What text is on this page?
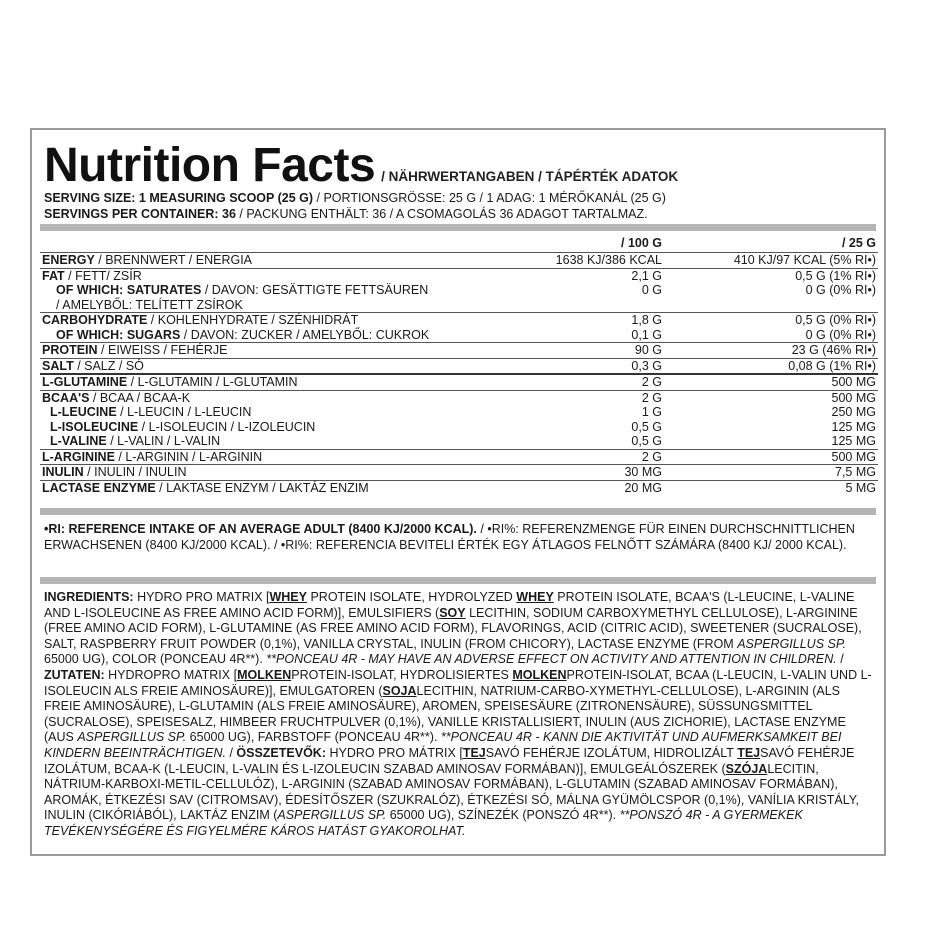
Nutrition Facts / NÄHRWERTANGABEN / TÁPÉRTÉK ADATOK
SERVING SIZE: 1 MEASURING SCOOP (25 G) / PORTIONSGRÖSSE: 25 G / 1 ADAG: 1 MÉRŐKANÁL (25 G)
SERVINGS PER CONTAINER: 36 / PACKUNG ENTHÄLT: 36 / A CSOMAGOLÁS 36 ADAGOT TARTALMAZ.
	/ 100 G	/ 25 G
ENERGY / BRENNWERT / ENERGIA	1638 KJ/386 KCAL	410 KJ/97 KCAL (5% RI•)
FAT / FETT/ ZSÍR	2,1 G	0,5 G (1% RI•)
OF WHICH: SATURATES / DAVON: GESÄTTIGTE FETTSÄUREN	0 G	0 G (0% RI•)
/ AMELYBŐL: TELÍTETT ZSÍROK		
CARBOHYDRATE / KOHLENHYDRATE / SZÉNHIDRÁT	1,8 G	0,5 G (0% RI•)
OF WHICH: SUGARS / DAVON: ZUCKER / AMELYBŐL: CUKROK	0,1 G	0 G (0% RI•)
PROTEIN / EIWEISS / FEHÉRJE	90 G	23 G (46% RI•)
SALT / SALZ / SÓ	0,3 G	0,08 G (1% RI•)
L-GLUTAMINE / L-GLUTAMIN / L-GLUTAMIN	2 G	500 MG
BCAA'S / BCAA / BCAA-K	2 G	500 MG
L-LEUCINE / L-LEUCIN / L-LEUCIN	1 G	250 MG
L-ISOLEUCINE / L-ISOLEUCIN / L-IZOLEUCIN	0,5 G	125 MG
L-VALINE / L-VALIN / L-VALIN	0,5 G	125 MG
L-ARGININE / L-ARGININ / L-ARGININ	2 G	500 MG
INULIN / INULIN / INULIN	30 MG	7,5 MG
LACTASE ENZYME / LAKTASE ENZYM / LAKTÁZ ENZIM	20 MG	5 MG
•RI: REFERENCE INTAKE OF AN AVERAGE ADULT (8400 KJ/2000 KCAL). / •RI%: REFERENZMENGE FÜR EINEN DURCHSCHNITTLICHEN ERWACHSENEN (8400 KJ/2000 KCAL). / •RI%: REFERENCIA BEVITELI ÉRTÉK EGY ÁTLAGOS FELNŐTT SZÁMÁRA (8400 KJ/ 2000 KCAL).
INGREDIENTS: HYDRO PRO MATRIX [WHEY PROTEIN ISOLATE, HYDROLYZED WHEY PROTEIN ISOLATE, BCAA'S (L-LEUCINE, L-VALINE AND L-ISOLEUCINE AS FREE AMINO ACID FORM)], EMULSIFIERS (SOY LECITHIN, SODIUM CARBOXYMETHYL CELLULOSE), L-ARGININE (FREE AMINO ACID FORM), L-GLUTAMINE (AS FREE AMINO ACID FORM), FLAVORINGS, ACID (CITRIC ACID), SWEETENER (SUCRALOSE), SALT, RASPBERRY FRUIT POWDER (0,1%), VANILLA CRYSTAL, INULIN (FROM CHICORY), LACTASE ENZYME (FROM ASPERGILLUS SP. 65000 UG), COLOR (PONCEAU 4R**). **PONCEAU 4R - MAY HAVE AN ADVERSE EFFECT ON ACTIVITY AND ATTENTION IN CHILDREN. / ZUTATEN: HYDROPRO MATRIX [MOLKENPROTEIN-ISOLAT, HYDROLISIERTES MOLKENPROTEIN-ISOLAT, BCAA (L-LEUCIN, L-VALIN UND L-ISOLEUCIN ALS FREIE AMINOSÄURE)], EMULGATOREN (SOJALECITHIN, NATRIUM-CARBO-XYMETHYL-CELLULOSE), L-ARGININ (ALS FREIE AMINOSÄURE), L-GLUTAMIN (ALS FREIE AMINOSÄURE), AROMEN, SPEISESÄURE (ZITRONENSÄURE), SÜSSUNGSMITTEL (SUCRALOSE), SPEISESALZ, HIMBEER FRUCHTPULVER (0,1%), VANILLE KRISTALLISIERT, INULIN (AUS ZICHORIE), LACTASE ENZYME (AUS ASPERGILLUS SP. 65000 UG), FARBSTOFF (PONCEAU 4R**). **PONCEAU 4R - KANN DIE AKTIVITÄT UND AUFMERKSAMKEIT BEI KINDERN BEEINTRÄCHTIGEN. / ÖSSZETEVŐK: HYDRO PRO MÁTRIX [TEJSAVÓ FEHÉRJE IZOLÁTUM, HIDROLIZÁLT TEJSAVÓ FEHÉRJE IZOLÁTUM, BCAA-K (L-LEUCIN, L-VALIN ÉS L-IZOLEUCIN SZABAD AMINOSAV FORMÁBAN)], EMULGEÁLÓSZEREK (SZÓJALECITIN, NÁTRIUM-KARBOXI-METIL-CELLULÓZ), L-ARGININ (SZABAD AMINOSAV FORMÁBAN), L-GLUTAMIN (SZABAD AMINOSAV FORMÁBAN), AROMÁK, ÉTKEZÉSI SAV (CITROMSAV), ÉDESÍTŐSZER (SZUKRALÓZ), ÉTKEZÉSI SÓ, MÁLNA GYÜMÖLCSPOR (0,1%), VANÍLIA KRISTÁLY, INULIN (CIKÓRIÁBÓL), LAKTÁZ ENZIM (ASPERGILLUS SP. 65000 UG), SZÍNEZÉK (PONSZÓ 4R**). **PONSZÓ 4R - A GYERMEKEK TEVÉKENYSÉGÉRE ÉS FIGYELMÉRE KÁROS HATÁST GYAKOROLHAT.
